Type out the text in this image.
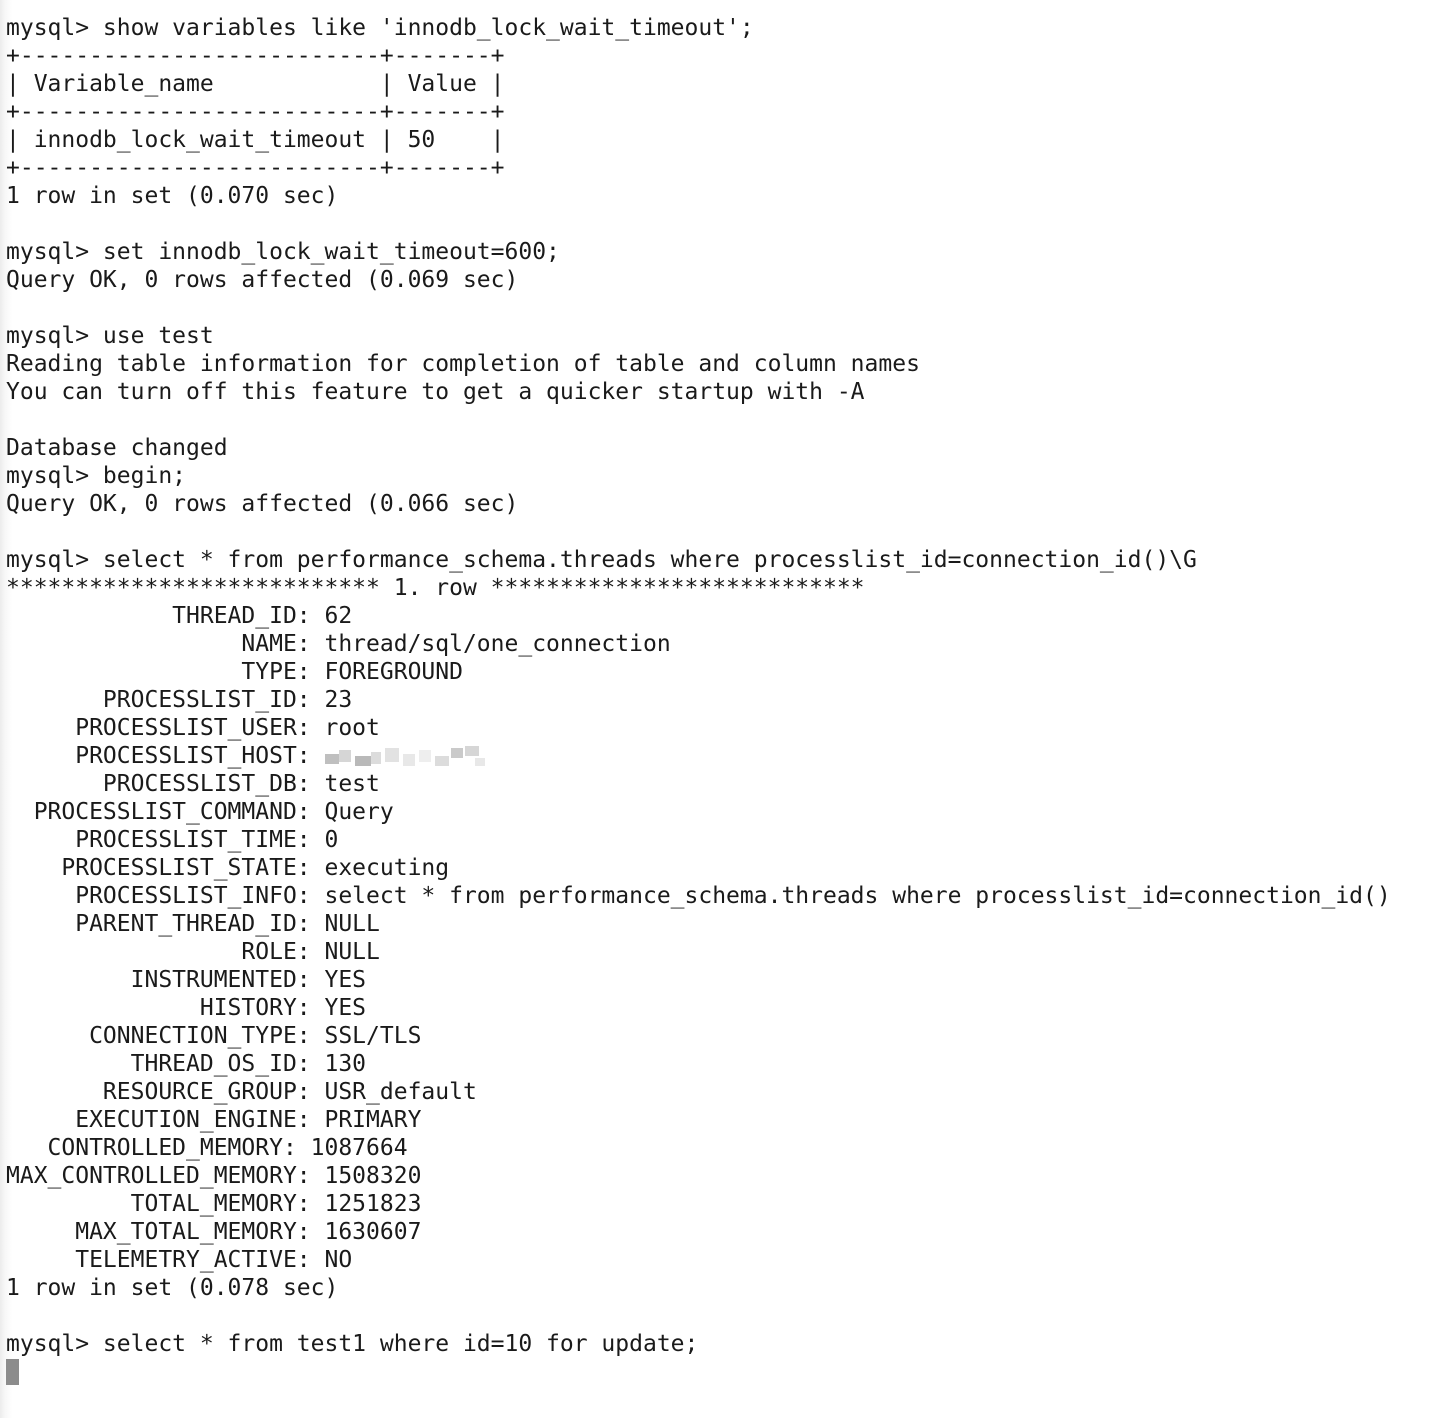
mysql> show variables like 'innodb_lock_wait_timeout';
+--------------------------+-------+
| Variable_name            | Value |
+--------------------------+-------+
| innodb_lock_wait_timeout | 50    |
+--------------------------+-------+
1 row in set (0.070 sec)
mysql> set innodb_lock_wait_timeout=600;
Query OK, 0 rows affected (0.069 sec)
mysql> use test
Reading table information for completion of table and column names
You can turn off this feature to get a quicker startup with -A
Database changed
mysql> begin;
Query OK, 0 rows affected (0.066 sec)
mysql> select * from performance_schema.threads where processlist_id=connection_id()\G
*************************** 1. row ***************************
THREAD_ID: 62
NAME: thread/sql/one_connection
TYPE: FOREGROUND
PROCESSLIST_ID: 23
PROCESSLIST_USER: root
PROCESSLIST_HOST:
PROCESSLIST_DB: test
PROCESSLIST_COMMAND: Query
PROCESSLIST_TIME: 0
PROCESSLIST_STATE: executing
PROCESSLIST_INFO: select * from performance_schema.threads where processlist_id=connection_id()
PARENT_THREAD_ID: NULL
ROLE: NULL
INSTRUMENTED: YES
HISTORY: YES
CONNECTION_TYPE: SSL/TLS
THREAD_OS_ID: 130
RESOURCE_GROUP: USR_default
EXECUTION_ENGINE: PRIMARY
CONTROLLED_MEMORY: 1087664
MAX_CONTROLLED_MEMORY: 1508320
TOTAL_MEMORY: 1251823
MAX_TOTAL_MEMORY: 1630607
TELEMETRY_ACTIVE: NO
1 row in set (0.078 sec)
mysql> select * from test1 where id=10 for update;
